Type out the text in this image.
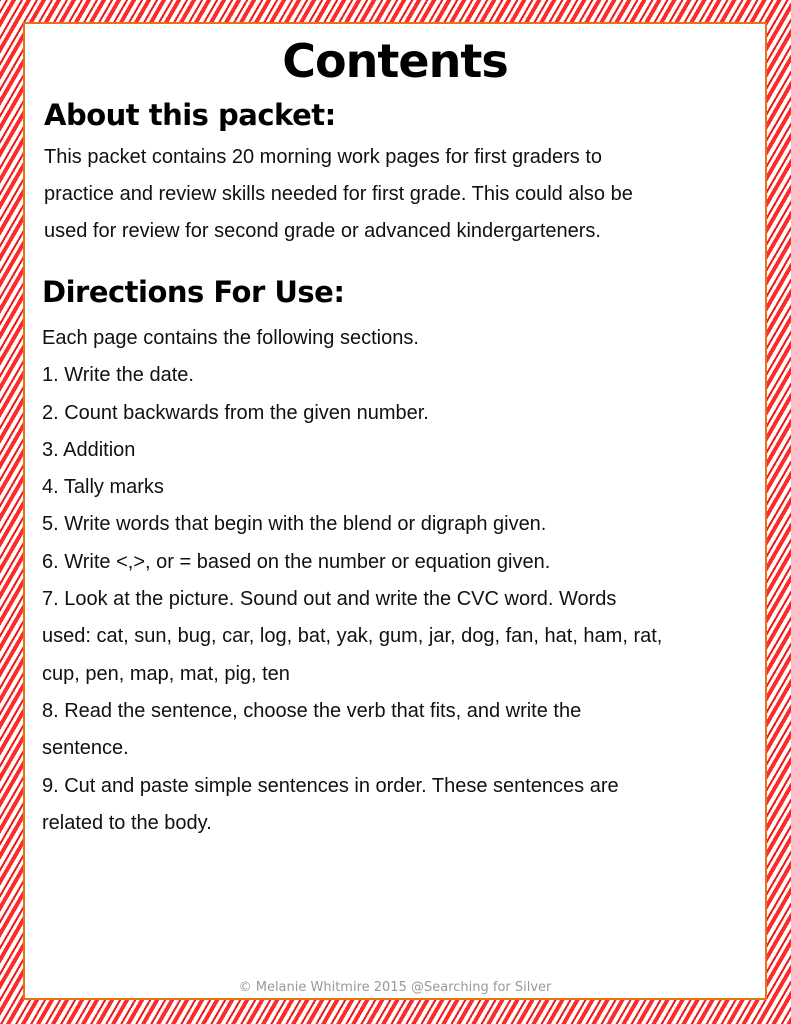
Contents
About this packet:
This packet contains 20 morning work pages for first graders to
practice and review skills needed for first grade. This could also be
used for review for second grade or advanced kindergarteners.
Directions For Use:
Each page contains the following sections.
1. Write the date.
2. Count backwards from the given number.
3. Addition
4. Tally marks
5. Write words that begin with the blend or digraph given.
6. Write <,>, or = based on the number or equation given.
7. Look at the picture. Sound out and write the CVC word. Words
used: cat, sun, bug, car, log, bat, yak, gum, jar, dog, fan, hat, ham, rat,
cup, pen, map, mat, pig, ten
8. Read the sentence, choose the verb that fits, and write the
sentence.
9. Cut and paste simple sentences in order. These sentences are
related to the body.
© Melanie Whitmire 2015 @Searching for Silver
